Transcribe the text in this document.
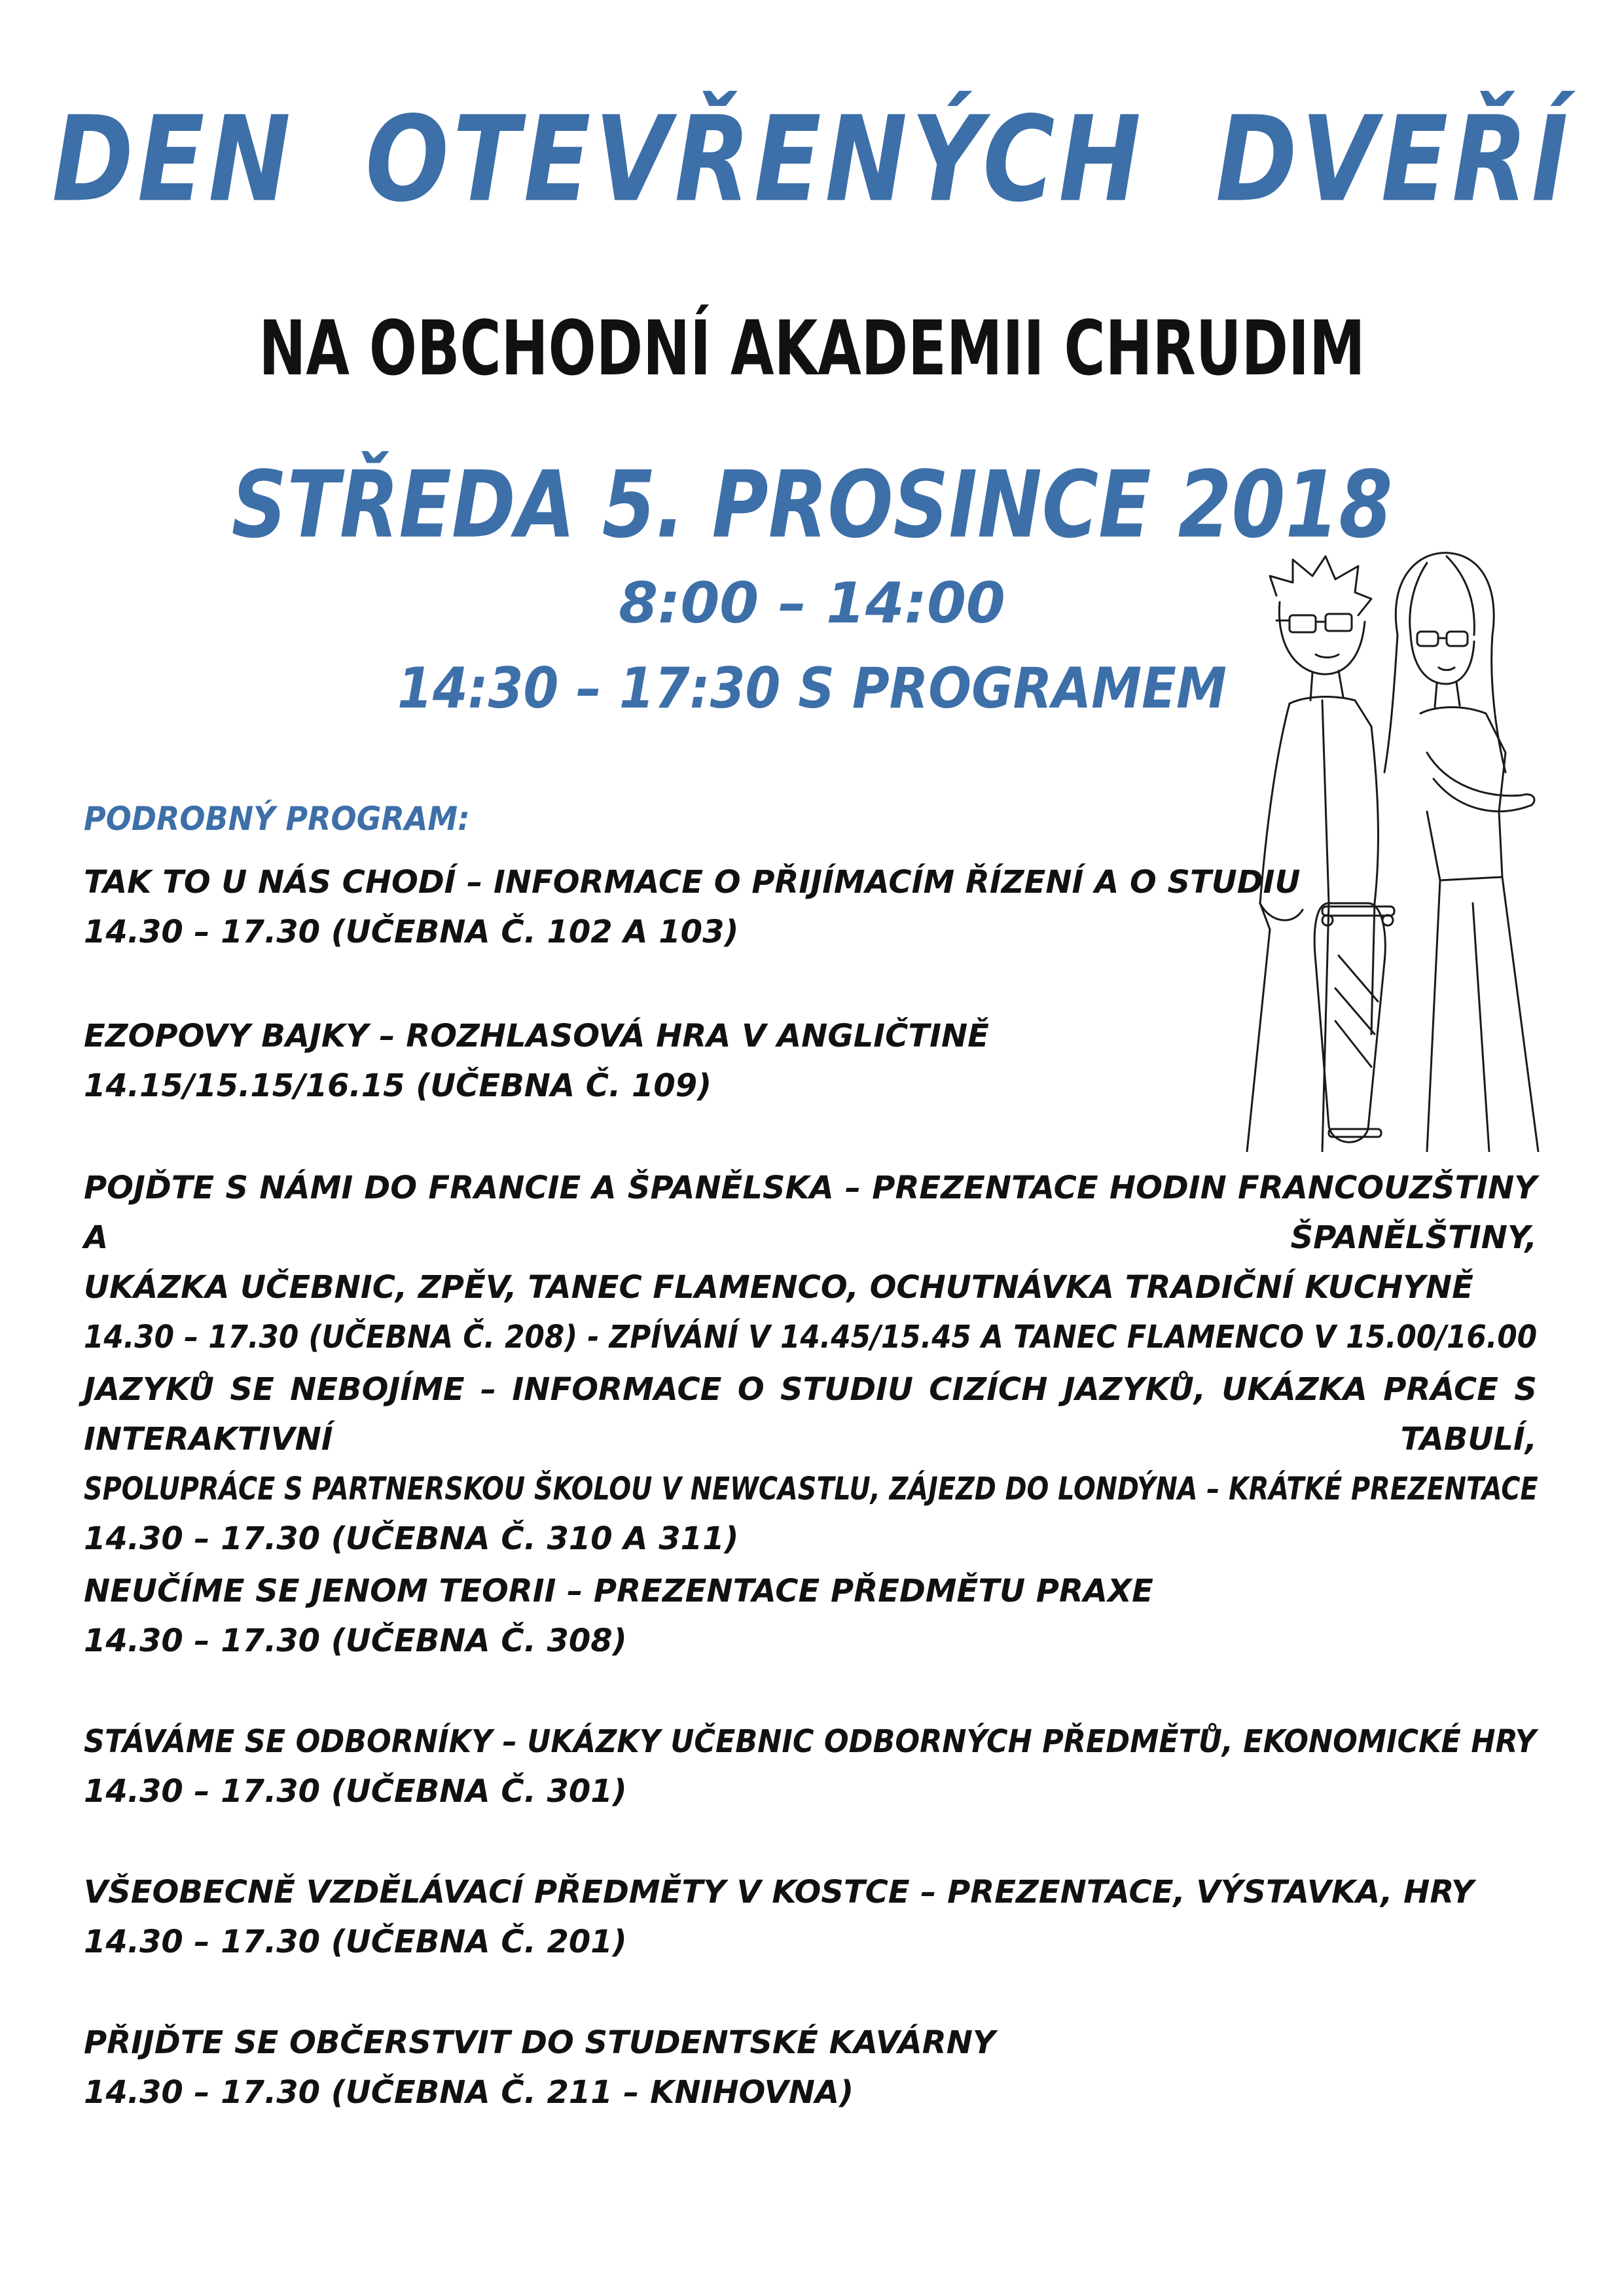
DEN OTEVŘENÝCH DVEŘÍ
NA OBCHODNÍ AKADEMII CHRUDIM
STŘEDA 5. PROSINCE 2018
8:00 – 14:00
14:30 – 17:30 S PROGRAMEM
PODROBNÝ PROGRAM:
TAK TO U NÁS CHODÍ – INFORMACE O PŘIJÍMACÍM ŘÍZENÍ A O STUDIU
14.30 – 17.30 (UČEBNA Č. 102 A 103)
EZOPOVY BAJKY – ROZHLASOVÁ HRA V ANGLIČTINĚ
14.15/15.15/16.15 (UČEBNA Č. 109)
POJĎTE S NÁMI DO FRANCIE A ŠPANĚLSKA – PREZENTACE HODIN FRANCOUZŠTINY A ŠPANĚLŠTINY,
UKÁZKA UČEBNIC, ZPĚV, TANEC FLAMENCO, OCHUTNÁVKA TRADIČNÍ KUCHYNĚ
14.30 – 17.30 (UČEBNA Č. 208) - ZPÍVÁNÍ V 14.45/15.45 A TANEC FLAMENCO V 15.00/16.00
JAZYKŮ SE NEBOJÍME – INFORMACE O STUDIU CIZÍCH JAZYKŮ, UKÁZKA PRÁCE S INTERAKTIVNÍ TABULÍ,
SPOLUPRÁCE S PARTNERSKOU ŠKOLOU V NEWCASTLU, ZÁJEZD DO LONDÝNA – KRÁTKÉ PREZENTACE
14.30 – 17.30 (UČEBNA Č. 310 A 311)
NEUČÍME SE JENOM TEORII – PREZENTACE PŘEDMĚTU PRAXE
14.30 – 17.30 (UČEBNA Č. 308)
STÁVÁME SE ODBORNÍKY – UKÁZKY UČEBNIC ODBORNÝCH PŘEDMĚTŮ, EKONOMICKÉ HRY
14.30 – 17.30 (UČEBNA Č. 301)
VŠEOBECNĚ VZDĚLÁVACÍ PŘEDMĚTY V KOSTCE – PREZENTACE, VÝSTAVKA, HRY
14.30 – 17.30 (UČEBNA Č. 201)
PŘIJĎTE SE OBČERSTVIT DO STUDENTSKÉ KAVÁRNY
14.30 – 17.30 (UČEBNA Č. 211 – KNIHOVNA)
